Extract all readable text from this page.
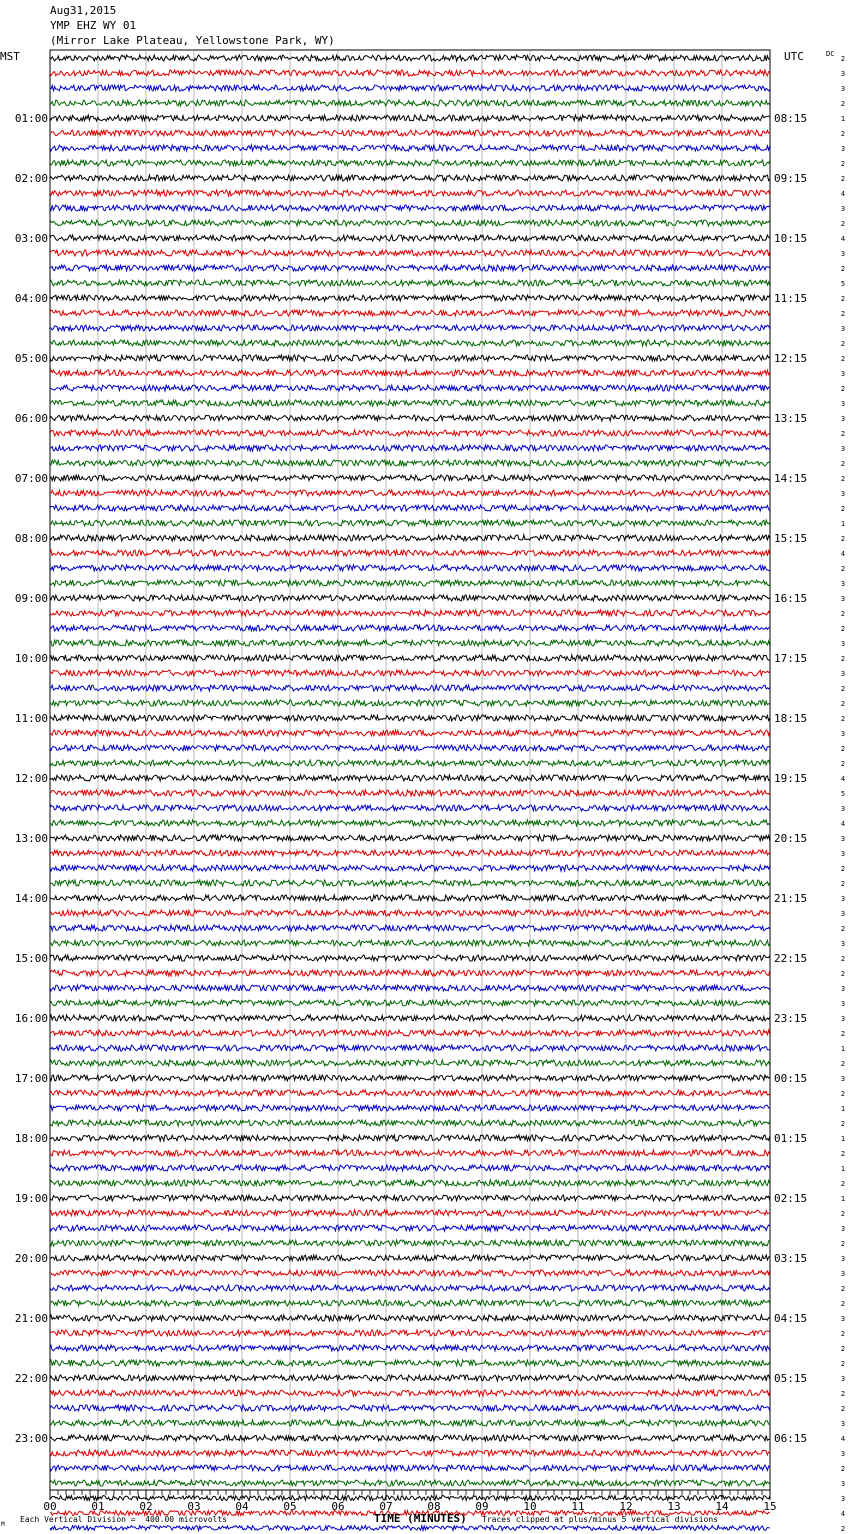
Aug31,2015
YMP EHZ WY 01
(Mirror Lake Plateau, Yellowstone Park, WY)
2
3
3
2
1
2
3
2
2
4
3
2
4
3
2
5
2
2
3
2
2
3
2
3
3
2
3
2
2
3
2
1
2
4
2
3
3
2
2
3
2
3
2
2
2
3
2
2
4
5
3
4
3
3
2
2
3
3
2
3
2
2
3
3
3
2
1
2
3
2
1
2
1
2
1
2
1
2
3
2
3
3
2
2
3
2
2
2
3
2
2
3
4
3
2
3
3
4
2
01:00	08:15
02:00	09:15
03:00	10:15
04:00	11:15
05:00	12:15
06:00	13:15
07:00	14:15
08:00	15:15
09:00	16:15
10:00	17:15
11:00	18:15
12:00	19:15
13:00	20:15
14:00	21:15
15:00	22:15
16:00	23:15
17:00	00:15
18:00	01:15
19:00	02:15
20:00	03:15
21:00	04:15
22:00	05:15
23:00	06:15
MST	UTC	DC
00	01	02	03	04	05	06	07	08	09	10	11	12	13	14	15
M
Each Vertical Division =  400.00 microvolts	TIME (MINUTES) Traces clipped at plus/minus 5 vertical divisions
